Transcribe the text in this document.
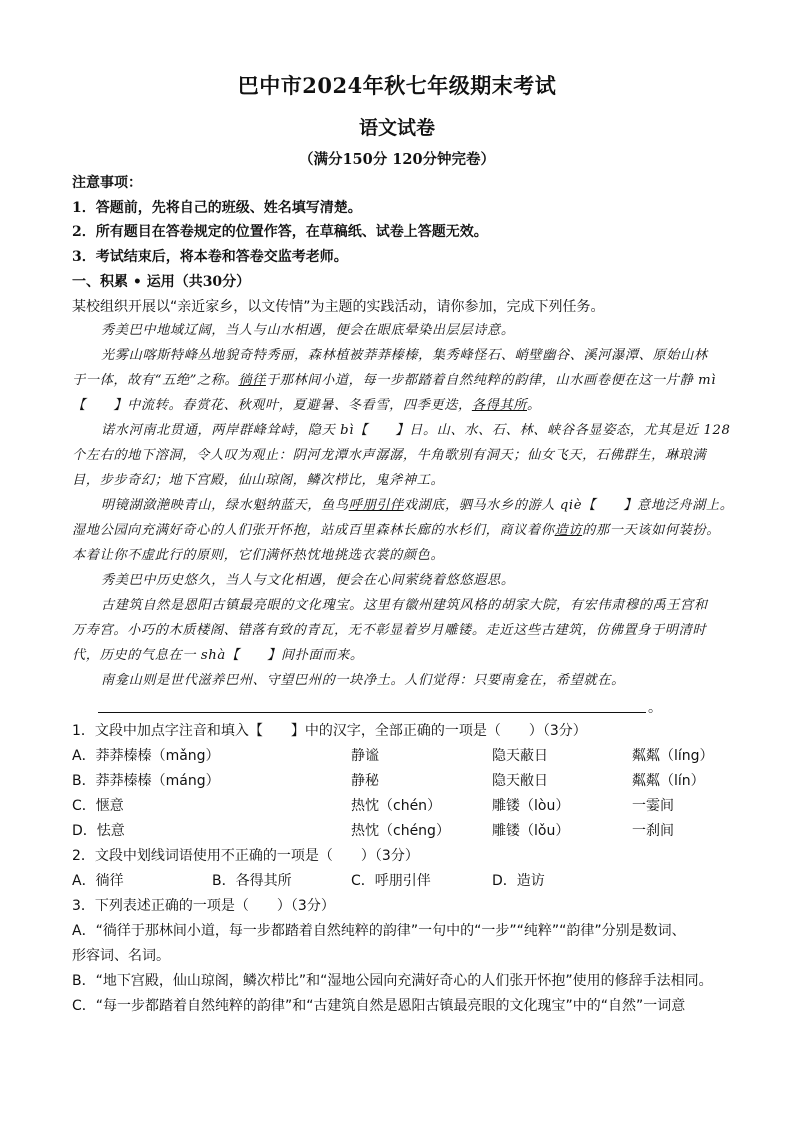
巴中市2024年秋七年级期末考试
语文试卷
（满分150分 120分钟完卷）
注意事项：
1．答题前，先将自己的班级、姓名填写清楚。
2．所有题目在答卷规定的位置作答，在草稿纸、试卷上答题无效。
3．考试结束后，将本卷和答卷交监考老师。
一、积累 • 运用（共30分）
某校组织开展以“亲近家乡，以文传情”为主题的实践活动，请你参加，完成下列任务。
秀美巴中地域辽阔，当人与山水相遇，便会在眼底晕染出层层诗意。
光雾山喀斯特峰丛地貌奇特秀丽，森林植被莽莽榛榛，集秀峰怪石、峭壁幽谷、溪河瀑潭、原始山林
于一体，故有“五绝”之称。徜徉于那林间小道，每一步都踏着自然纯粹的韵律，山水画卷便在这一片静 mì
【　　】中流转。春赏花、秋观叶，夏避暑、冬看雪，四季更迭，各得其所。
诺水河南北贯通，两岸群峰耸峙，隐天 bì【　　】日。山、水、石、林、峡谷各显姿态，尤其是近 128
个左右的地下溶洞，令人叹为观止：阴河龙潭水声潺潺，牛角歌别有洞天；仙女飞天，石佛群生，琳琅满
目，步步奇幻；地下宫殿，仙山琼阁，鳞次栉比，鬼斧神工。
明镜湖潋滟映青山，绿水魁纳蓝天，鱼鸟呼朋引伴戏湖底，驷马水乡的游人 qiè【　　】意地泛舟湖上。
湿地公园向充满好奇心的人们张开怀抱，站成百里森林长廊的水杉们，商议着你造访的那一天该如何装扮。
本着让你不虚此行的原则，它们满怀热忱地挑选衣裳的颜色。
秀美巴中历史悠久，当人与文化相遇，便会在心间萦绕着悠悠遐思。
古建筑自然是恩阳古镇最亮眼的文化瑰宝。这里有徽州建筑风格的胡家大院，有宏伟肃穆的禹王宫和
万寿宫。小巧的木质楼阁、错落有致的青瓦，无不彰显着岁月雕镂。走近这些古建筑，仿佛置身于明清时
代，历史的气息在一 shà【　　】间扑面而来。
南龛山则是世代滋养巴州、守望巴州的一块净土。人们觉得：只要南龛在，希望就在。
。
1．文段中加点字注音和填入【　　】中的汉字，全部正确的一项是（　　）（3分）
A．莽莽榛榛（mǎng）	静谧	隐天蔽日	粼粼（líng）
B．莽莽榛榛（máng）	静秘	隐天敝日	粼粼（lín）
C．惬意	热忱（chén）	雕镂（lòu）	一霎间
D．怯意	热忱（chéng）	雕镂（lǒu）	一刹间
2．文段中划线词语使用不正确的一项是（　　）（3分）
A．徜徉	B．各得其所	C．呼朋引伴	D．造访
3．下列表述正确的一项是（　　）（3分）
A．“徜徉于那林间小道，每一步都踏着自然纯粹的韵律”一句中的“一步”“纯粹”“韵律”分别是数词、
形容词、名词。
B．“地下宫殿，仙山琼阁，鳞次栉比”和“湿地公园向充满好奇心的人们张开怀抱”使用的修辞手法相同。
C．“每一步都踏着自然纯粹的韵律”和“古建筑自然是恩阳古镇最亮眼的文化瑰宝”中的“自然”一词意
